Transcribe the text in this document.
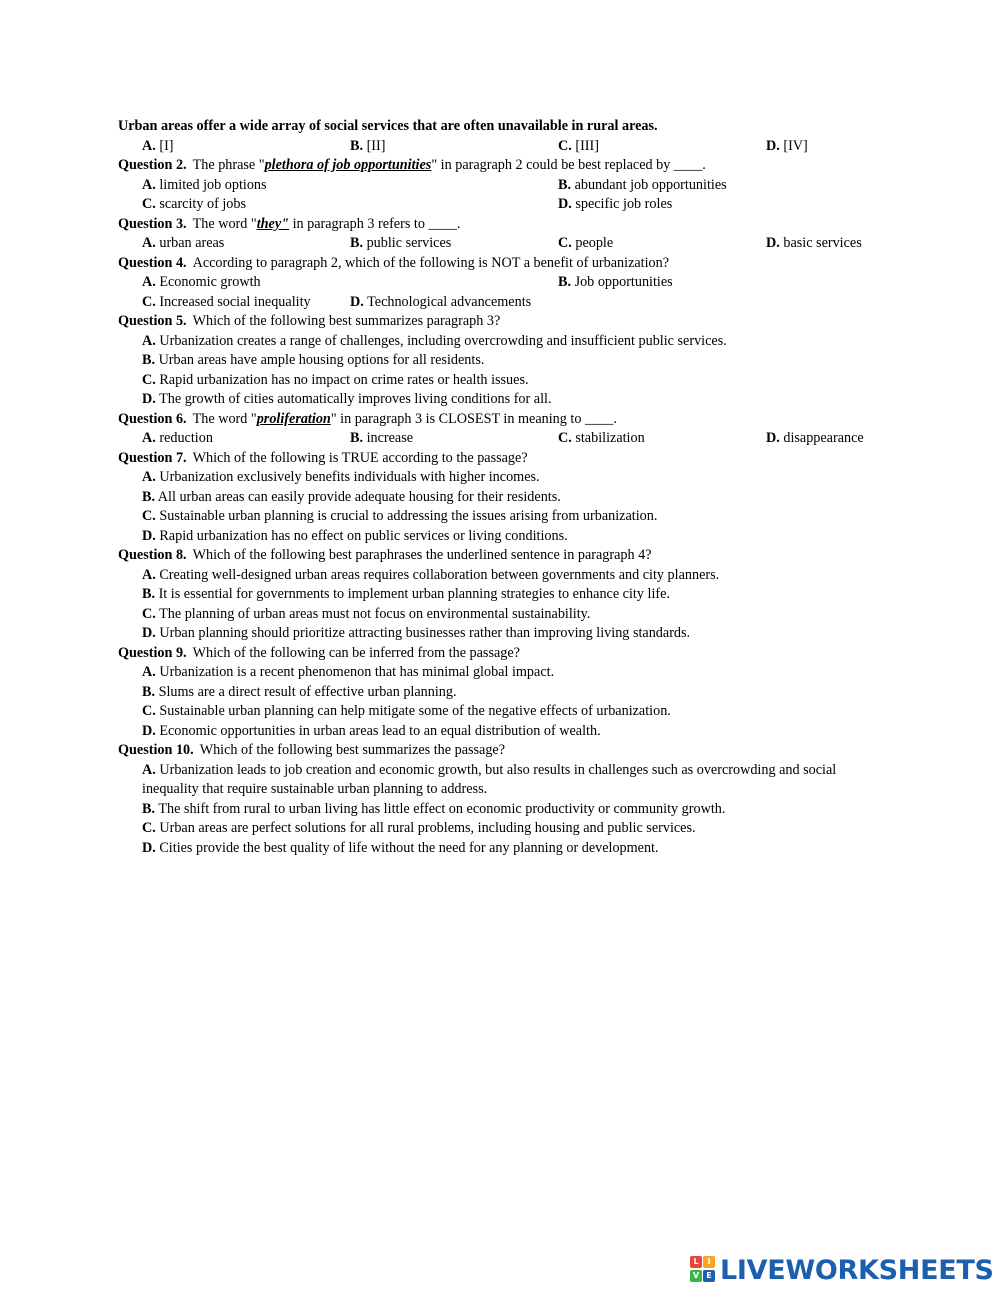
Urban areas offer a wide array of social services that are often unavailable in rural areas.
A. [I]	B. [II]	C. [III]	D. [IV]
Question 2. The phrase "plethora of job opportunities" in paragraph 2 could be best replaced by ____.
A. limited job options	B. abundant job opportunities
C. scarcity of jobs	D. specific job roles
Question 3. The word "they" in paragraph 3 refers to ____.
A. urban areas	B. public services	C. people	D. basic services
Question 4. According to paragraph 2, which of the following is NOT a benefit of urbanization?
A. Economic growth	B. Job opportunities
C. Increased social inequality	D. Technological advancements
Question 5. Which of the following best summarizes paragraph 3?
A. Urbanization creates a range of challenges, including overcrowding and insufficient public services.
B. Urban areas have ample housing options for all residents.
C. Rapid urbanization has no impact on crime rates or health issues.
D. The growth of cities automatically improves living conditions for all.
Question 6. The word "proliferation" in paragraph 3 is CLOSEST in meaning to ____.
A. reduction	B. increase	C. stabilization	D. disappearance
Question 7. Which of the following is TRUE according to the passage?
A. Urbanization exclusively benefits individuals with higher incomes.
B. All urban areas can easily provide adequate housing for their residents.
C. Sustainable urban planning is crucial to addressing the issues arising from urbanization.
D. Rapid urbanization has no effect on public services or living conditions.
Question 8. Which of the following best paraphrases the underlined sentence in paragraph 4?
A. Creating well-designed urban areas requires collaboration between governments and city planners.
B. It is essential for governments to implement urban planning strategies to enhance city life.
C. The planning of urban areas must not focus on environmental sustainability.
D. Urban planning should prioritize attracting businesses rather than improving living standards.
Question 9. Which of the following can be inferred from the passage?
A. Urbanization is a recent phenomenon that has minimal global impact.
B. Slums are a direct result of effective urban planning.
C. Sustainable urban planning can help mitigate some of the negative effects of urbanization.
D. Economic opportunities in urban areas lead to an equal distribution of wealth.
Question 10. Which of the following best summarizes the passage?
A. Urbanization leads to job creation and economic growth, but also results in challenges such as overcrowding and social inequality that require sustainable urban planning to address.
B. The shift from rural to urban living has little effect on economic productivity or community growth.
C. Urban areas are perfect solutions for all rural problems, including housing and public services.
D. Cities provide the best quality of life without the need for any planning or development.
L	I
V E LIVEWORKSHEETS
